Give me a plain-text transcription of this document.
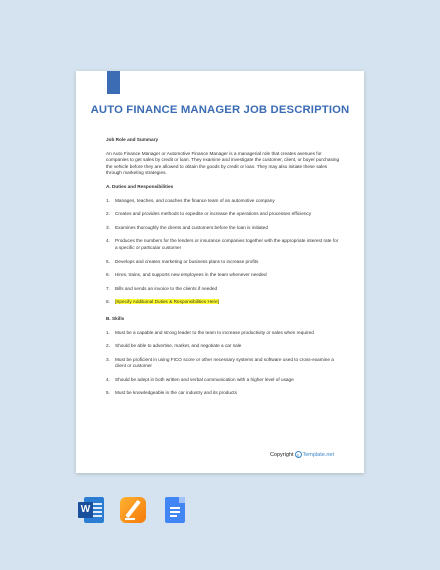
AUTO FINANCE MANAGER JOB DESCRIPTION

Job Role and Summary

An Auto Finance Manager or Automotive Finance Manager is a managerial role that creates avenues for companies to get sales by credit or loan. They examine and investigate the customer, client, or buyer purchasing the vehicle before they are allowed to obtain the goods by credit or loan. They may also initiate these sales through marketing strategies.

A. Duties and Responsibilities

1.	Manages, teaches, and coaches the finance team of an automotive company
2.	Creates and provides methods to expedite or increase the operations and processes efficiency
3.	Examines thoroughly the clients and customers before the loan is initiated
4.	Produces the numbers for the lenders or insurance companies together with the appropriate interest rate for a specific or particular customer
5.	Develops and creates marketing or business plans to increase profits
6.	Hires, trains, and supports new employees in the team whenever needed
7.	Bills and sends an invoice to the clients if needed
8.	[Specify Additional Duties & Responsibilities Here]

B. Skills

1.	Must be a capable and strong leader to the team to increase productivity or sales when required
2.	Should be able to advertise, market, and negotiate a car sale
3.	Must be proficient in using FICO score or other necessary systems and software used to cross-examine a client or customer
4.	Should be adept in both written and verbal communication with a higher level of usage
5.	Must be knowledgeable in the car industry and its products
Copyright t Template.net
W
